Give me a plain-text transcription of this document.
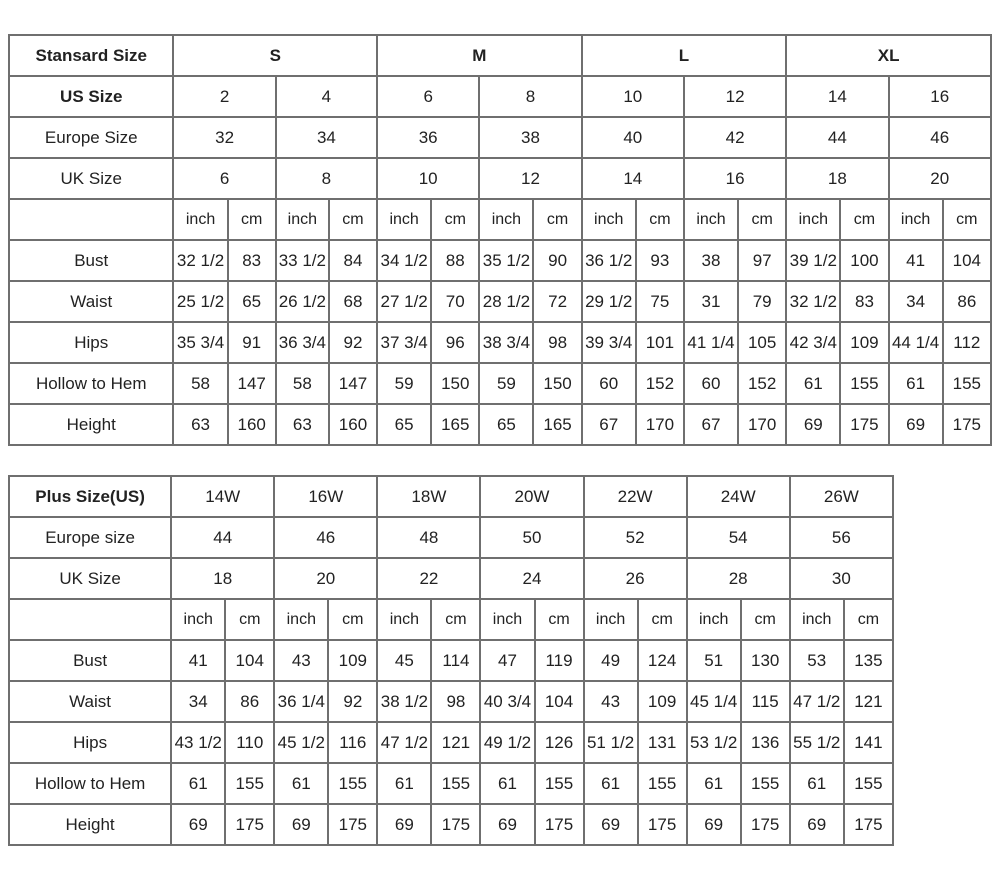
Stansard Size	S				M				L				XL			
US Size	2		4		6		8		10		12		14		16	
Europe Size	32		34		36		38		40		42		44		46	
UK Size	6		8		10		12		14		16		18		20	
	inch	cm	inch	cm	inch	cm	inch	cm	inch	cm	inch	cm	inch	cm	inch	cm
Bust	32 1/2	83	33 1/2	84	34 1/2	88	35 1/2	90	36 1/2	93	38	97	39 1/2	100	41	104
Waist	25 1/2	65	26 1/2	68	27 1/2	70	28 1/2	72	29 1/2	75	31	79	32 1/2	83	34	86
Hips	35 3/4	91	36 3/4	92	37 3/4	96	38 3/4	98	39 3/4	101	41 1/4	105	42 3/4	109	44 1/4	112
Hollow to Hem	58	147	58	147	59	150	59	150	60	152	60	152	61	155	61	155
Height	63	160	63	160	65	165	65	165	67	170	67	170	69	175	69	175
Plus Size(US)	14W		16W		18W		20W		22W		24W		26W	
Europe size	44		46		48		50		52		54		56	
UK Size	18		20		22		24		26		28		30	
	inch	cm	inch	cm	inch	cm	inch	cm	inch	cm	inch	cm	inch	cm
Bust	41	104	43	109	45	114	47	119	49	124	51	130	53	135
Waist	34	86	36 1/4	92	38 1/2	98	40 3/4	104	43	109	45 1/4	115	47 1/2	121
Hips	43 1/2	110	45 1/2	116	47 1/2	121	49 1/2	126	51 1/2	131	53 1/2	136	55 1/2	141
Hollow to Hem	61	155	61	155	61	155	61	155	61	155	61	155	61	155
Height	69	175	69	175	69	175	69	175	69	175	69	175	69	175
